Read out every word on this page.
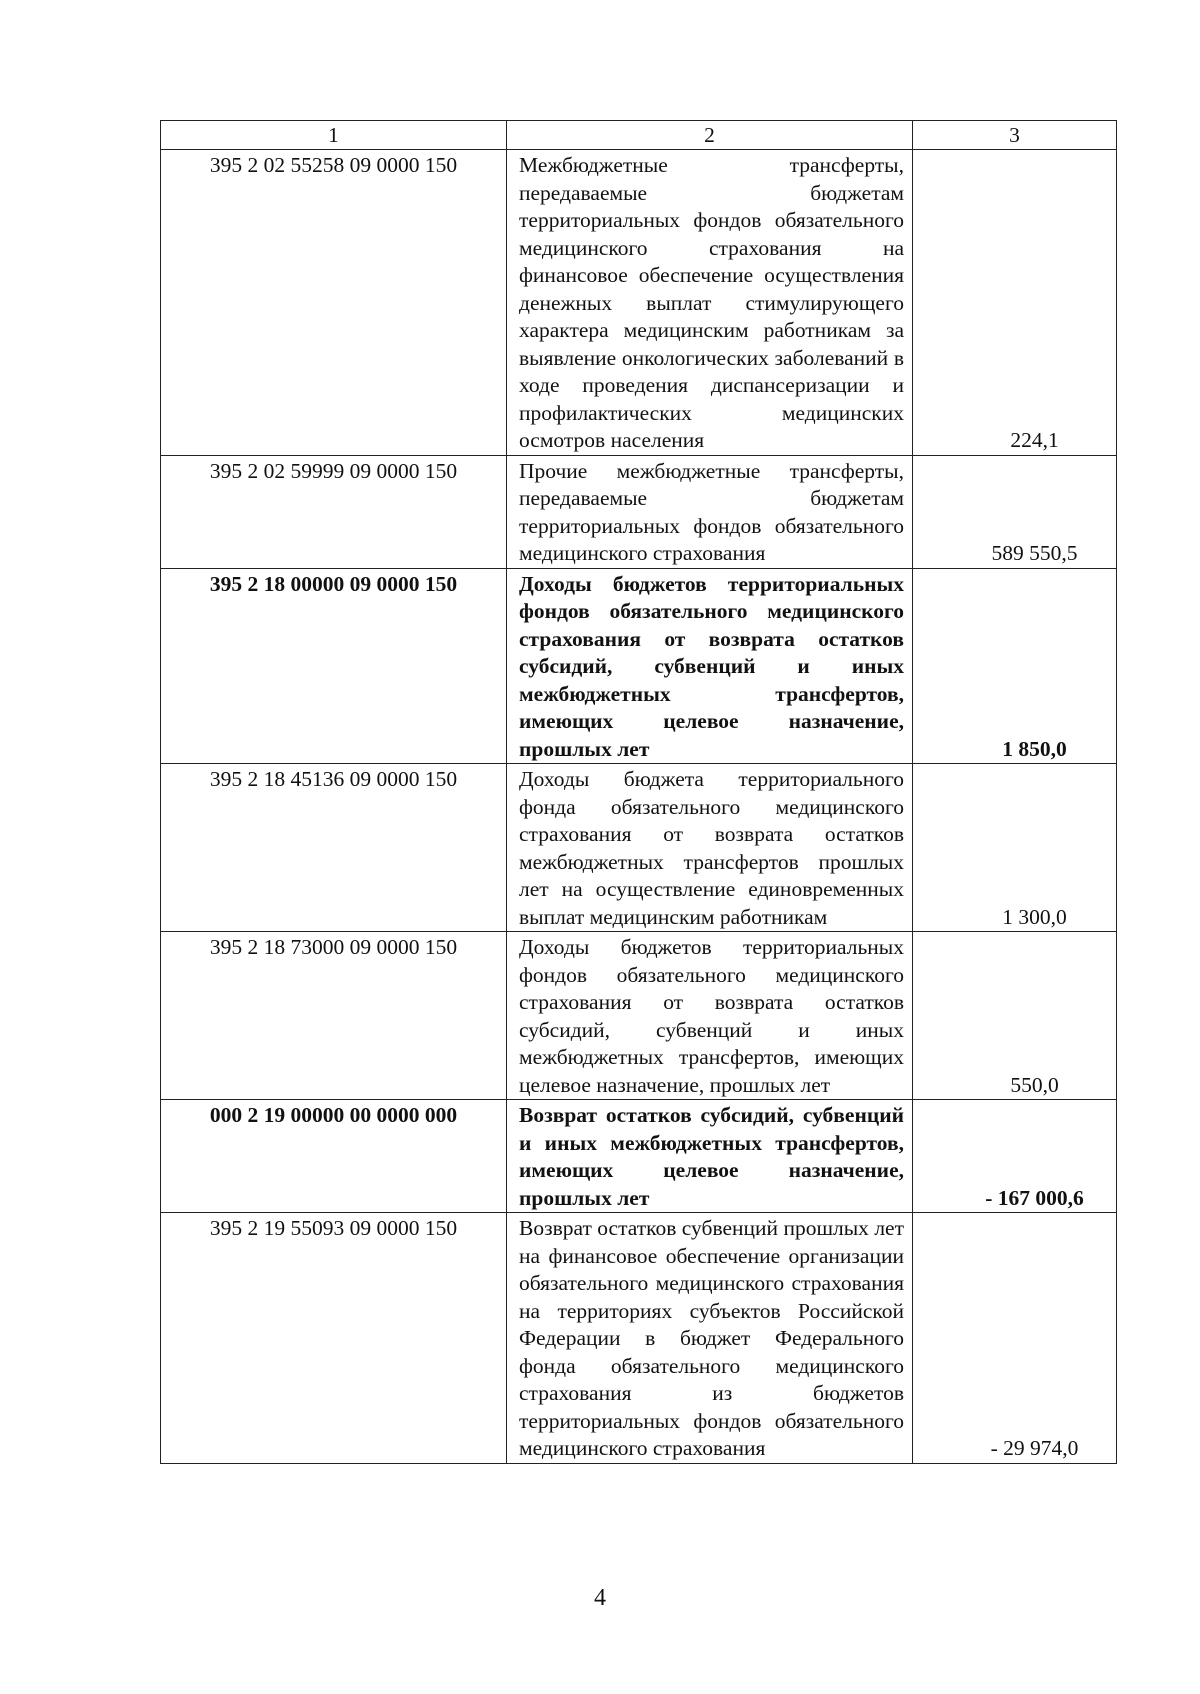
1	2	3
395 2 02 55258 09 0000 150	Межбюджетные трансферты, передаваемые бюджетам территориальных фондов обязательного медицинского страхования на финансовое обеспечение осуществления денежных выплат стимулирующего характера медицинским работникам за выявление онкологических заболеваний в ходе проведения диспансеризации и профилактических медицинских осмотров населения	224,1
395 2 02 59999 09 0000 150	Прочие межбюджетные трансферты, передаваемые бюджетам территориальных фондов обязательного медицинского страхования	589 550,5
395 2 18 00000 09 0000 150	Доходы бюджетов территориальных фондов обязательного медицинского страхования от возврата остатков субсидий, субвенций и иных межбюджетных трансфертов, имеющих целевое назначение, прошлых лет	1 850,0
395 2 18 45136 09 0000 150	Доходы бюджета территориального фонда обязательного медицинского страхования от возврата остатков межбюджетных трансфертов прошлых лет на осуществление единовременных выплат медицинским работникам	1 300,0
395 2 18 73000 09 0000 150	Доходы бюджетов территориальных фондов обязательного медицинского страхования от возврата остатков субсидий, субвенций и иных межбюджетных трансфертов, имеющих целевое назначение, прошлых лет	550,0
000 2 19 00000 00 0000 000	Возврат остатков субсидий, субвенций и иных межбюджетных трансфертов, имеющих целевое назначение, прошлых лет	- 167 000,6
395 2 19 55093 09 0000 150	Возврат остатков субвенций прошлых лет на финансовое обеспечение организации обязательного медицинского страхования на территориях субъектов Российской Федерации в бюджет Федерального фонда обязательного медицинского страхования из бюджетов территориальных фондов обязательного медицинского страхования	- 29 974,0
4
